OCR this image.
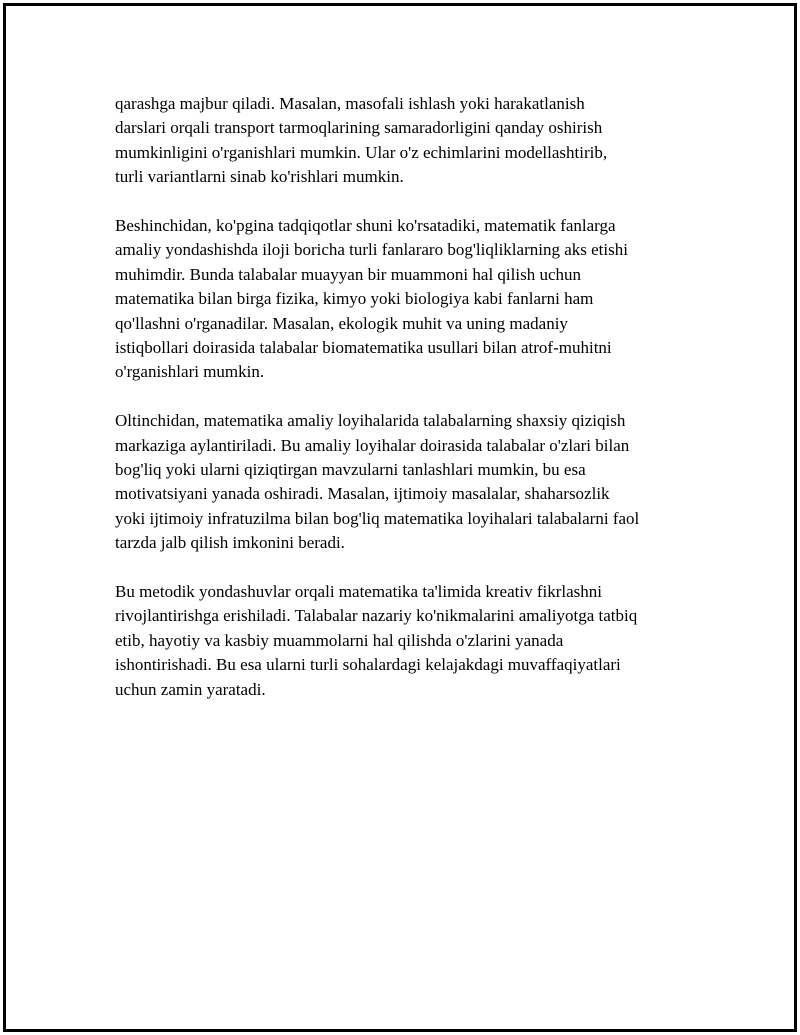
qarashga majbur qiladi. Masalan, masofali ishlash yoki harakatlanish
darslari orqali transport tarmoqlarining samaradorligini qanday oshirish
mumkinligini o'rganishlari mumkin. Ular o'z echimlarini modellashtirib,
turli variantlarni sinab ko'rishlari mumkin.

Beshinchidan, ko'pgina tadqiqotlar shuni ko'rsatadiki, matematik fanlarga
amaliy yondashishda iloji boricha turli fanlararo bog'liqliklarning aks etishi
muhimdir. Bunda talabalar muayyan bir muammoni hal qilish uchun
matematika bilan birga fizika, kimyo yoki biologiya kabi fanlarni ham
qo'llashni o'rganadilar. Masalan, ekologik muhit va uning madaniy
istiqbollari doirasida talabalar biomatematika usullari bilan atrof-muhitni
o'rganishlari mumkin.

Oltinchidan, matematika amaliy loyihalarida talabalarning shaxsiy qiziqish
markaziga aylantiriladi. Bu amaliy loyihalar doirasida talabalar o'zlari bilan
bog'liq yoki ularni qiziqtirgan mavzularni tanlashlari mumkin, bu esa
motivatsiyani yanada oshiradi. Masalan, ijtimoiy masalalar, shaharsozlik
yoki ijtimoiy infratuzilma bilan bog'liq matematika loyihalari talabalarni faol
tarzda jalb qilish imkonini beradi.

Bu metodik yondashuvlar orqali matematika ta'limida kreativ fikrlashni
rivojlantirishga erishiladi. Talabalar nazariy ko'nikmalarini amaliyotga tatbiq
etib, hayotiy va kasbiy muammolarni hal qilishda o'zlarini yanada
ishontirishadi. Bu esa ularni turli sohalardagi kelajakdagi muvaffaqiyatlari
uchun zamin yaratadi.
